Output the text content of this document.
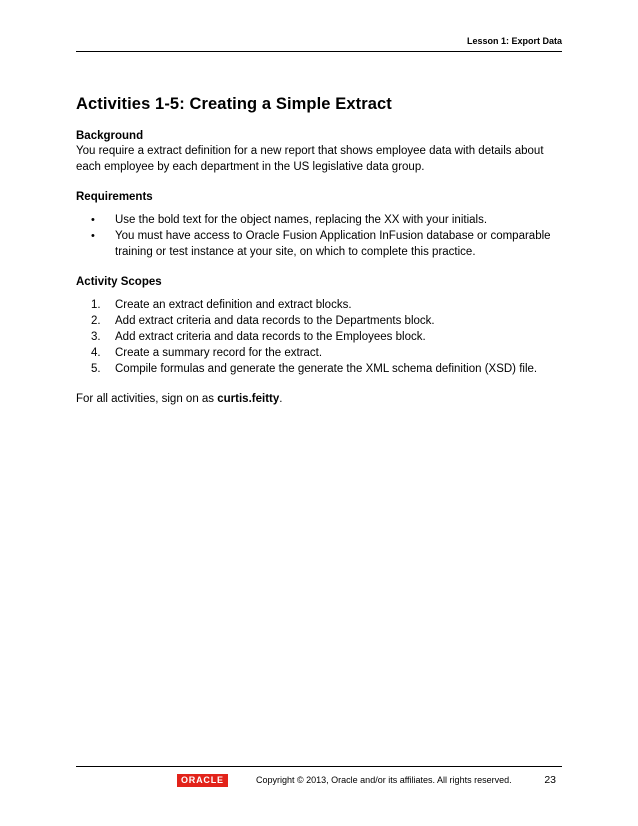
Lesson 1: Export Data
Activities 1-5: Creating a Simple Extract
Background

You require a extract definition for a new report that shows employee data with details about each employee by each department in the US legislative data group.

Requirements
• Use the bold text for the object names, replacing the XX with your initials.
• You must have access to Oracle Fusion Application InFusion database or comparable training or test instance at your site, on which to complete this practice.
Activity Scopes
1. Create an extract definition and extract blocks.
2. Add extract criteria and data records to the Departments block.
3. Add extract criteria and data records to the Employees block.
4. Create a summary record for the extract.
5. Compile formulas and generate the generate the XML schema definition (XSD) file.

For all activities, sign on as curtis.feitty.

ORACLE	Copyright © 2013, Oracle and/or its affiliates. All rights reserved.	23
